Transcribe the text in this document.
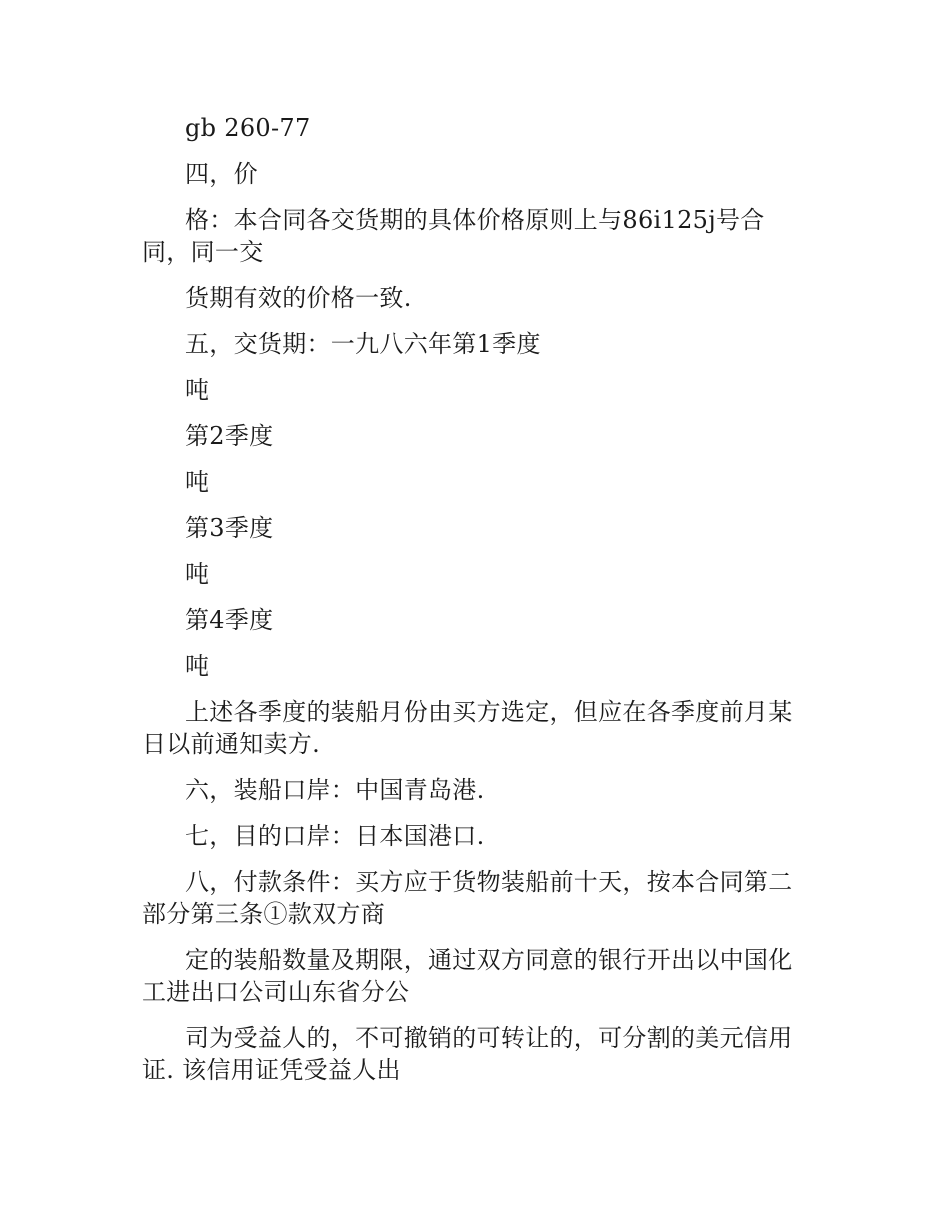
gb 260-77

四，价

格：本合同各交货期的具体价格原则上与86i125j号合同，同一交

货期有效的价格一致.

五，交货期：一九八六年第1季度

吨

第2季度

吨

第3季度

吨

第4季度

吨

上述各季度的装船月份由买方选定，但应在各季度前月某日以前通知卖方.

六，装船口岸：中国青岛港.

七，目的口岸：日本国港口.

八，付款条件：买方应于货物装船前十天，按本合同第二部分第三条①款双方商

定的装船数量及期限，通过双方同意的银行开出以中国化工进出口公司山东省分公

司为受益人的，不可撤销的可转让的，可分割的美元信用证. 该信用证凭受益人出
